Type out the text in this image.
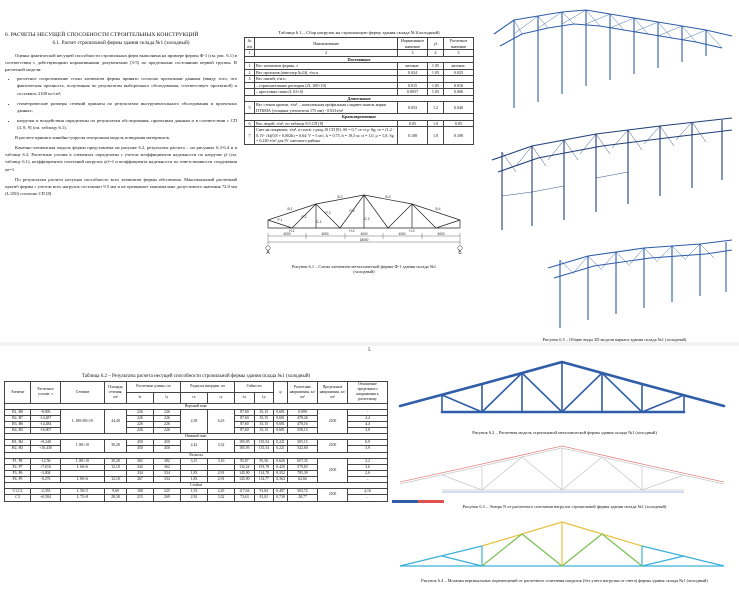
6. РАСЧЕТЫ НЕСУЩЕЙ СПОСОБНОСТИ СТРОИТЕЛЬНЫХ КОНСТРУКЦИЙ
6.1. Расчет стропильной фермы здания склада №1 (холодный)
Оценка фактической несущей способности стропильных ферм выполнена на примере фермы Ф-1 (см. рис. 6.1) в соответствии с действующими нормативными документами [3-5] по предельным состояниям первой группы. В расчетной модели:
• расчетное сопротивление стали элементов фермы принято согласно проектным данным (ввиду того, что фактическая прочность, полученная по результатам выборочного обследования, соответствует проектной) и составило 2100 кг/см²;
• геометрические размеры сечений приняты по результатам инструментального обследования и проектных данных;
• нагрузки и воздействия определены по результатам обследования, проектным данным и в соответствии с СП [4, 8, 9] (см. таблицу 6.1).
В расчете принята линейно-упругая изотропная модель поведения материалов.
Конечно-элементная модель фермы представлена на рисунке 6.2, результаты расчета – на рисунках 6.3-6.4 и в таблице 6.2. Расчетные усилия в элементах определены с учетом коэффициентов надежности по нагрузке γf (см. таблицу 6.1), коэффициентов сочетаний нагрузок ψ1=1 и коэффициента надежности по ответственности сооружения γn=1.
По результатам расчета несущая способность всех элементов фермы обеспечена. Максимальный расчетный прогиб фермы с учетом всех нагрузок составляет 9.5 мм и не превышает максимально допустимого значения 72.0 мм (L/250) согласно СП [8].
Таблица 6.1 – Сбор нагрузок на стропильную ферму здания склада №1(холодный)
№ п/п	Наименование	Нормативное значение	γf	Расчетное значение
1	2	3	4	5
Постоянные				
1	Вес элементов фермы, т	автомат.	1.05	автомат.
2	Вес прогонов (швеллер №24), т/м.п.	0.024	1.05	0.025
3	Вес связей, т/м.п.			
	– горизонтальные распорки (2L 100×10)	0.015	1.05	0.016
	– крестовые связи (L 63×6)	0.0057	1.05	0.006
Длительные				
5	Вес стенов кровли, т/м², – комплексная профильная сэндвич-панель марки ПТКМА (толщина утеплителя 175 мм) - 0.033т/м²	0.033	1.2	0.040
Кратковременные				
6	Вес людей, т/м², по таблице 8.3 СП [8]	0.05	1.0	0.05
7	Снег на покрытие, т/м², в соотв. с разд.10 СП [8]: S0 = 0,7·ce·ct·μ·Sg; ce = (1,2 - 0,1V·√k)(0,8 + 0,002b) = 0,64; V = 5 м/с, k = 0,75, b = 19,5 м; ct = 1,0, μ = 1,0; Sg = 0,240 т/м² для IV снегового района	0.108	1.0	0.108
В-1
В-2	В-3
В-4
Н-1	Н-2	Н-3
Р-1
Р-2
Р-3	Р-4
С-1
С-2
4000	4000	4000	4000	4000
18000
А	Б
Рисунок 6.1 – Схема элементов металлической фермы Ф-1 здания склада №1 (холодный)
Рисунок 6.5 – Общие виды 3D модели каркаса здания склада №1 (холодный)
5
Таблица 6.2 – Результаты расчета несущей способности стропильной фермы здания склада №1 (холодный)
Элемент	Расчетное усилие, т	Сечение	Площадь сечения, см²	Расчетные длины, см		Радиусы инерции, см		Гибкости		φ	Расчетные напряжения, кг/см²	Предельные напряжения, кг/см²	Отношение предельного напряжения к расчетному
				lx	ly	rx	ry	λx	λy				
Верхний пояс													
В1, В8	-8,003	L 180×80×10	44,48	226	226	2,58	6,43	87,60	35,15	0,681	0,099	2100	-
В2, В7	-14,487			226	226			87,60	35,15	0,681	478,26		4,4
В3, В6	-14,484			226	226			87,60	35,15	0,681	478,16		4,4
В4, В5	-16,907			226	226			87,60	35,15	0,681	558,15		3,8
Нижний пояс													
Н1, Н4	+9,240	L 80×10	30,28	450	450	2,42	3,32	185,95	135,54	0,221	305,15	2100	6,9
Н2, Н3	+16,430			450	450			185,95	135,54	0,221	542,60		3,9
Раскосы													
Р1, Р8	-12,58	L 80×10	30,28	382	382	3,15	3,16	95,87	95,56	0,626	657,35	2100	3,2
Р2, Р7	+7,016	L 60×6	12,10	342	362			132,24	193,78	0,420	579,83		3,6
Р3, Р6	-3,004			334	334	1,83	2,91	145,90	114,78	0,352	785,39		2,6
Р4, Р5	-0,276	L 80×6	12,10	267	334	1,83	2,91	145,90	114,77	0,364	62,66		–
Стойки													
С1,С2	-2,355	L 50×5	9,60	180	225	1,53	2,45	117,64	91,84	0,487	503,72	2100	4,16
С3	+0,584	L 75×8	28,30	215	269	2,92	3,32	73,63	81,02	0,730	28,77		–
Рисунок 6.2 – Расчетная модель стропильной металлической фермы здания склада №1 (холодный)
Рисунок 6.3 – Эпюра N от расчетного сочетания нагрузок стропильной фермы здания склада №1 (холодный)
Рисунок 6.4 – Мозаика вертикальных перемещений от расчетного сочетания нагрузок (без учета нагрузки от снега) фермы здания склада №1 (холодный)
